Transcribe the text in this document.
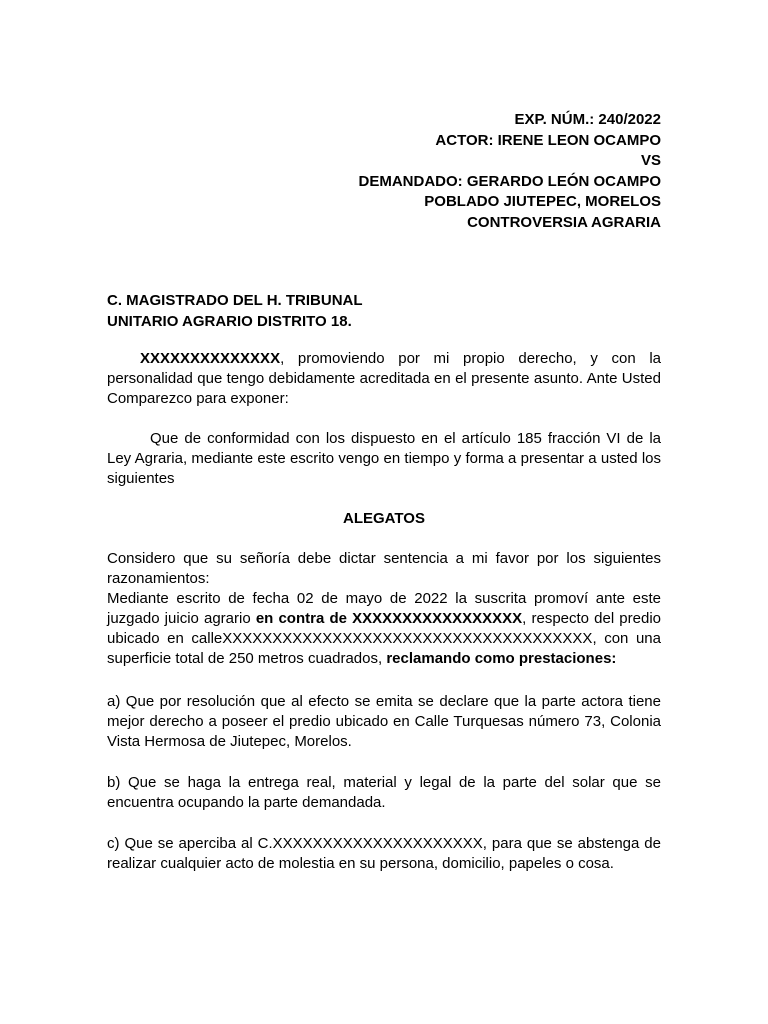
EXP. NÚM.: 240/2022
ACTOR: IRENE LEON OCAMPO
VS
DEMANDADO: GERARDO LEÓN OCAMPO
POBLADO JIUTEPEC, MORELOS
CONTROVERSIA AGRARIA
C. MAGISTRADO DEL H. TRIBUNAL
UNITARIO AGRARIO DISTRITO 18.

XXXXXXXXXXXXXX, promoviendo por mi propio derecho, y con la personalidad que tengo debidamente acreditada en el presente asunto. Ante Usted Comparezco para exponer:

Que de conformidad con los dispuesto en el artículo 185 fracción VI de la Ley Agraria, mediante este escrito vengo en tiempo y forma a presentar a usted los siguientes

ALEGATOS

Considero que su señoría debe dictar sentencia a mi favor por los siguientes razonamientos:

Mediante escrito de fecha 02 de mayo de 2022 la suscrita promoví ante este juzgado juicio agrario en contra de XXXXXXXXXXXXXXXXX, respecto del predio ubicado en calleXXXXXXXXXXXXXXXXXXXXXXXXXXXXXXXXXXXXX, con una superficie total de 250 metros cuadrados, reclamando como prestaciones:

a) Que por resolución que al efecto se emita se declare que la parte actora tiene mejor derecho a poseer el predio ubicado en Calle Turquesas número 73, Colonia Vista Hermosa de Jiutepec, Morelos.

b) Que se haga la entrega real, material y legal de la parte del solar que se encuentra ocupando la parte demandada.

c) Que se aperciba al C.XXXXXXXXXXXXXXXXXXXXX, para que se abstenga de realizar cualquier acto de molestia en su persona, domicilio, papeles o cosa.
